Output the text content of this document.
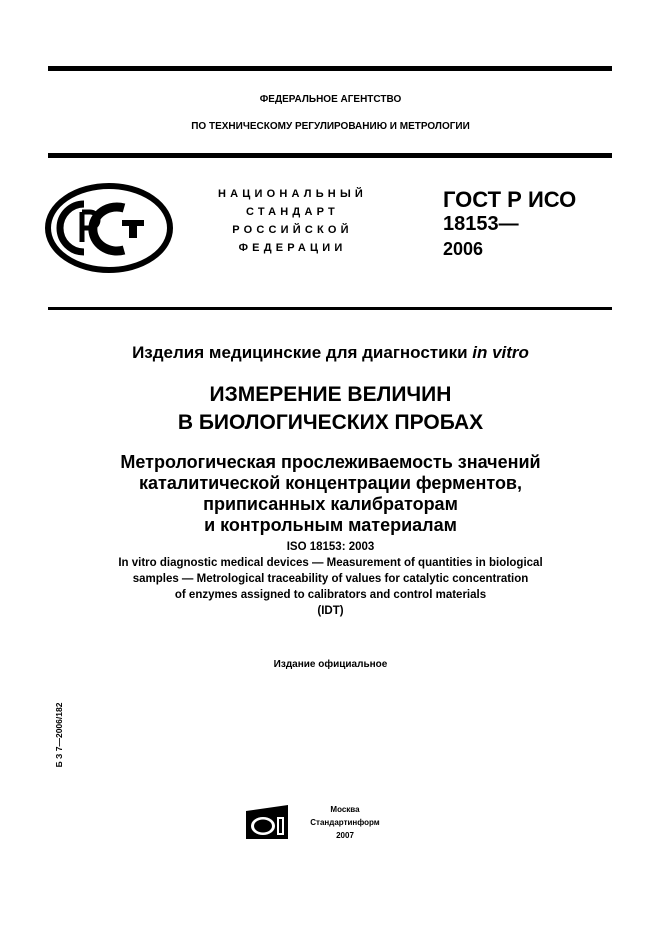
ФЕДЕРАЛЬНОЕ АГЕНТСТВО
ПО ТЕХНИЧЕСКОМУ РЕГУЛИРОВАНИЮ И МЕТРОЛОГИИ
НАЦИОНАЛЬНЫЙ
СТАНДАРТ
РОССИЙСКОЙ
ФЕДЕРАЦИИ
ГОСТ Р ИСО
18153—
2006
Изделия медицинские для диагностики in vitro
ИЗМЕРЕНИЕ ВЕЛИЧИН
В БИОЛОГИЧЕСКИХ ПРОБАХ
Метрологическая прослеживаемость значений
каталитической концентрации ферментов,
приписанных калибраторам
и контрольным материалам
ISO 18153: 2003
In vitro diagnostic medical devices — Measurement of quantities in biological
samples — Metrological traceability of values for catalytic concentration
of enzymes assigned to calibrators and control materials
(IDT)
Издание официальное
Б З 7—2006/182
Москва
Стандартинформ
2007
